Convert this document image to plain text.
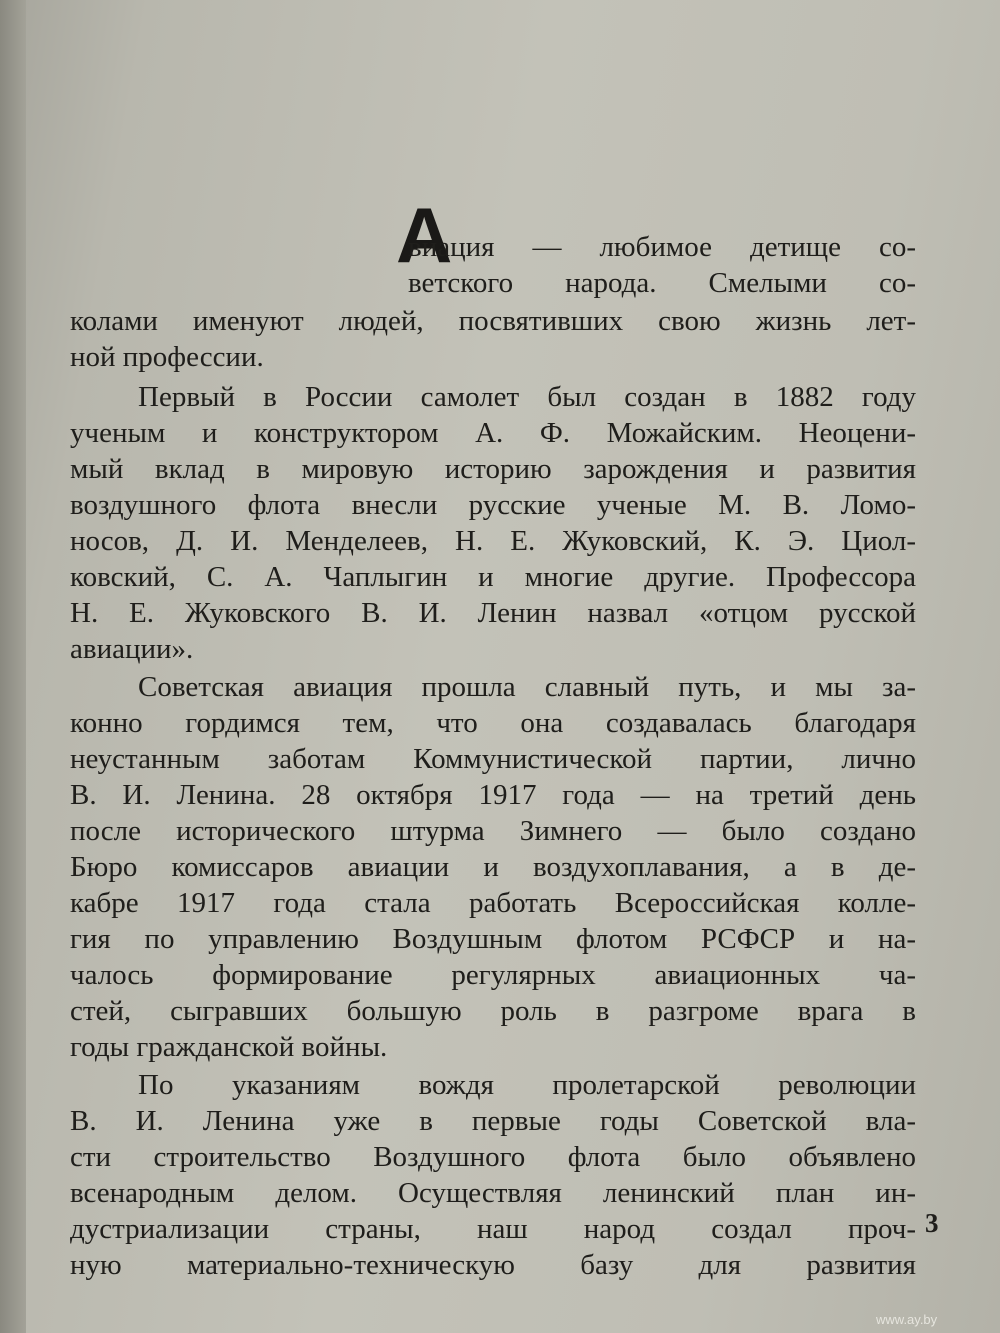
А
виация — любимое детище со-
ветского народа. Смелыми со-
колами именуют людей, посвятивших свою жизнь лет-
ной профессии.
Первый в России самолет был создан в 1882 году
ученым и конструктором А. Ф. Можайским. Неоцени-
мый вклад в мировую историю зарождения и развития
воздушного флота внесли русские ученые М. В. Ломо-
носов, Д. И. Менделеев, Н. Е. Жуковский, К. Э. Циол-
ковский, С. А. Чаплыгин и многие другие. Профессора
Н. Е. Жуковского В. И. Ленин назвал «отцом русской
авиации».
Советская авиация прошла славный путь, и мы за-
конно гордимся тем, что она создавалась благодаря
неустанным заботам Коммунистической партии, лично
В. И. Ленина. 28 октября 1917 года — на третий день
после исторического штурма Зимнего — было создано
Бюро комиссаров авиации и воздухоплавания, а в де-
кабре 1917 года стала работать Всероссийская колле-
гия по управлению Воздушным флотом РСФСР и на-
чалось формирование регулярных авиационных ча-
стей, сыгравших большую роль в разгроме врага в
годы гражданской войны.
По указаниям вождя пролетарской революции
В. И. Ленина уже в первые годы Советской вла-
сти строительство Воздушного флота было объявлено
всенародным делом. Осуществляя ленинский план ин-
дустриализации страны, наш народ создал проч-
ную материально-техническую базу для развития
3
www.ay.by
